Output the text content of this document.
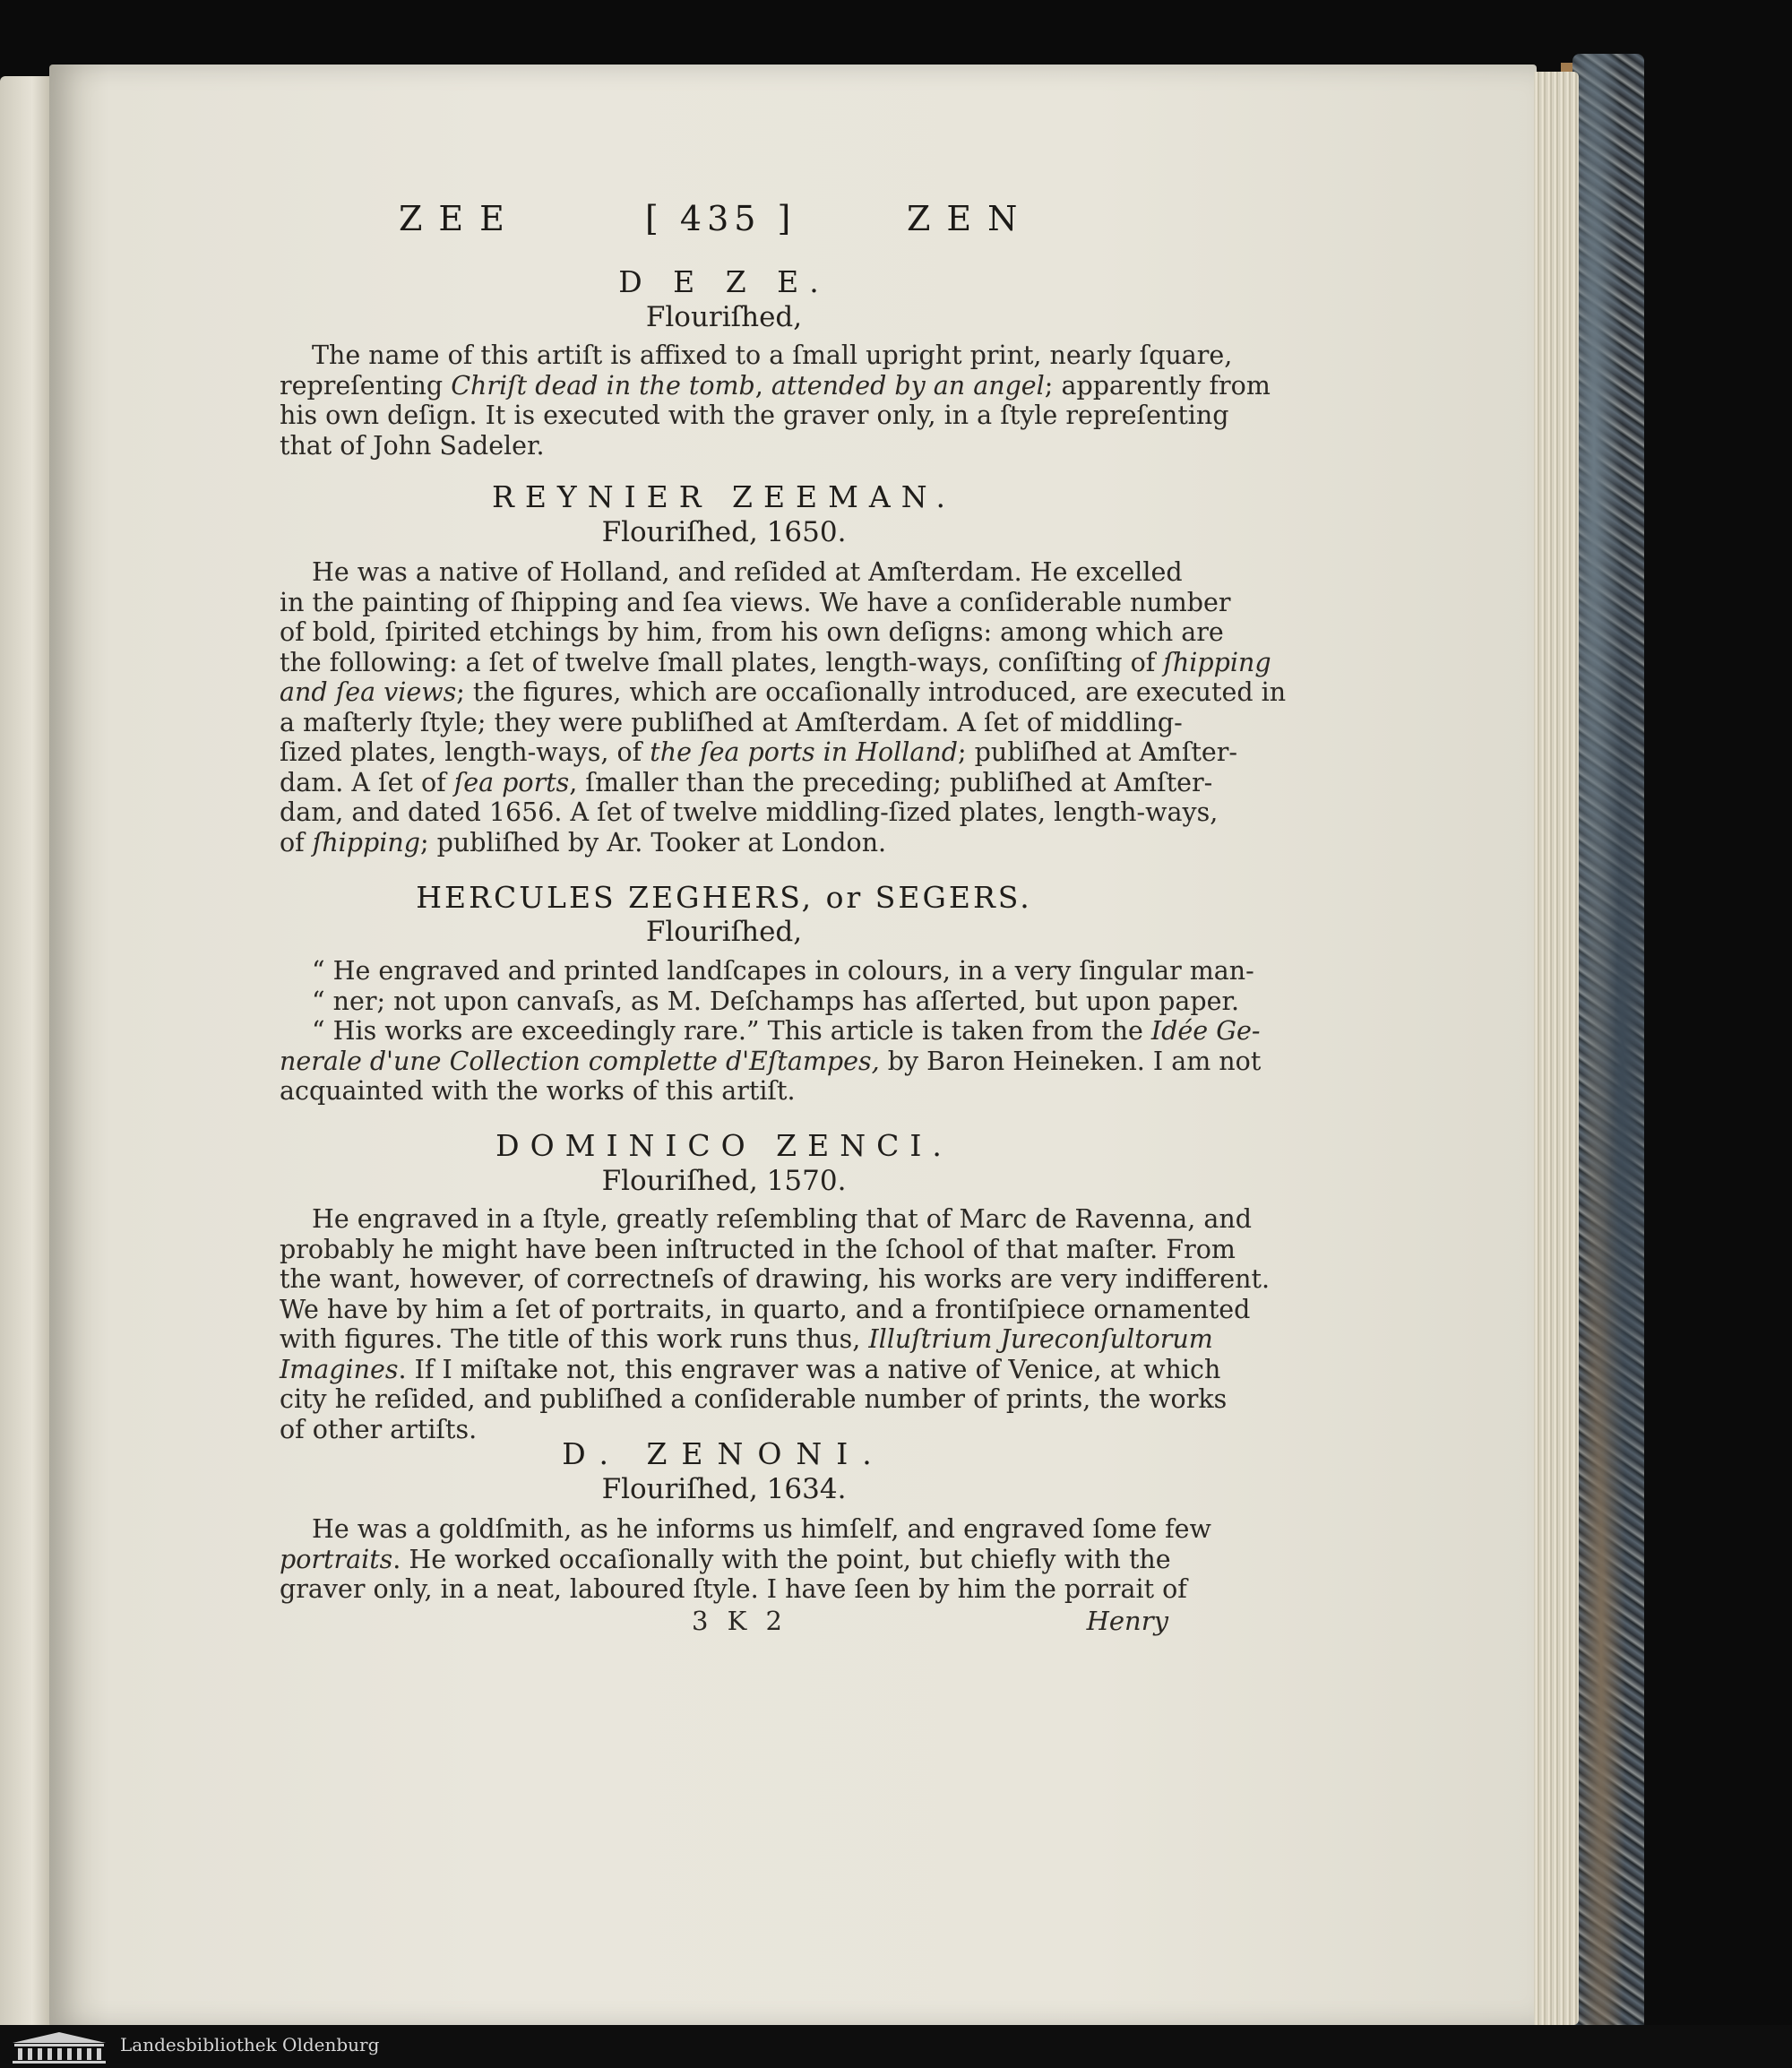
ZEE	[ 435 ]	ZEN
D E Z E.
Flouriſhed,
The name of this artiſt is affixed to a ſmall upright print, nearly ſquare,
repreſenting Chriſt dead in the tomb, attended by an angel; apparently from
his own deſign. It is executed with the graver only, in a ſtyle repreſenting
that of John Sadeler.
REYNIER ZEEMAN.
Flouriſhed, 1650.
He was a native of Holland, and reſided at Amſterdam. He excelled
in the painting of ſhipping and ſea views. We have a conſiderable number
of bold, ſpirited etchings by him, from his own deſigns: among which are
the following: a ſet of twelve ſmall plates, length-ways, conſiſting of ſhipping
and ſea views; the figures, which are occaſionally introduced, are executed in
a maſterly ſtyle; they were publiſhed at Amſterdam. A ſet of middling-
ſized plates, length-ways, of the ſea ports in Holland; publiſhed at Amſter-
dam. A ſet of ſea ports, ſmaller than the preceding; publiſhed at Amſter-
dam, and dated 1656. A ſet of twelve middling-ſized plates, length-ways,
of ſhipping; publiſhed by Ar. Tooker at London.
HERCULES ZEGHERS, or SEGERS.
Flouriſhed,
“ He engraved and printed landſcapes in colours, in a very ſingular man-
“ ner; not upon canvaſs, as M. Deſchamps has aſſerted, but upon paper.
“ His works are exceedingly rare.” This article is taken from the Idée Ge-
nerale d'une Collection complette d'Eſtampes, by Baron Heineken. I am not
acquainted with the works of this artiſt.
DOMINICO ZENCI.
Flouriſhed, 1570.
He engraved in a ſtyle, greatly reſembling that of Marc de Ravenna, and
probably he might have been inſtructed in the ſchool of that maſter. From
the want, however, of correctneſs of drawing, his works are very indifferent.
We have by him a ſet of portraits, in quarto, and a frontiſpiece ornamented
with figures. The title of this work runs thus, Illuſtrium Jureconſultorum
Imagines. If I miſtake not, this engraver was a native of Venice, at which
city he reſided, and publiſhed a conſiderable number of prints, the works
of other artiſts.
D. ZENONI.
Flouriſhed, 1634.
He was a goldſmith, as he informs us himſelf, and engraved ſome few
portraits. He worked occaſionally with the point, but chiefly with the
graver only, in a neat, laboured ſtyle. I have ſeen by him the porrait of
3 K 2	Henry
Landesbibliothek Oldenburg
